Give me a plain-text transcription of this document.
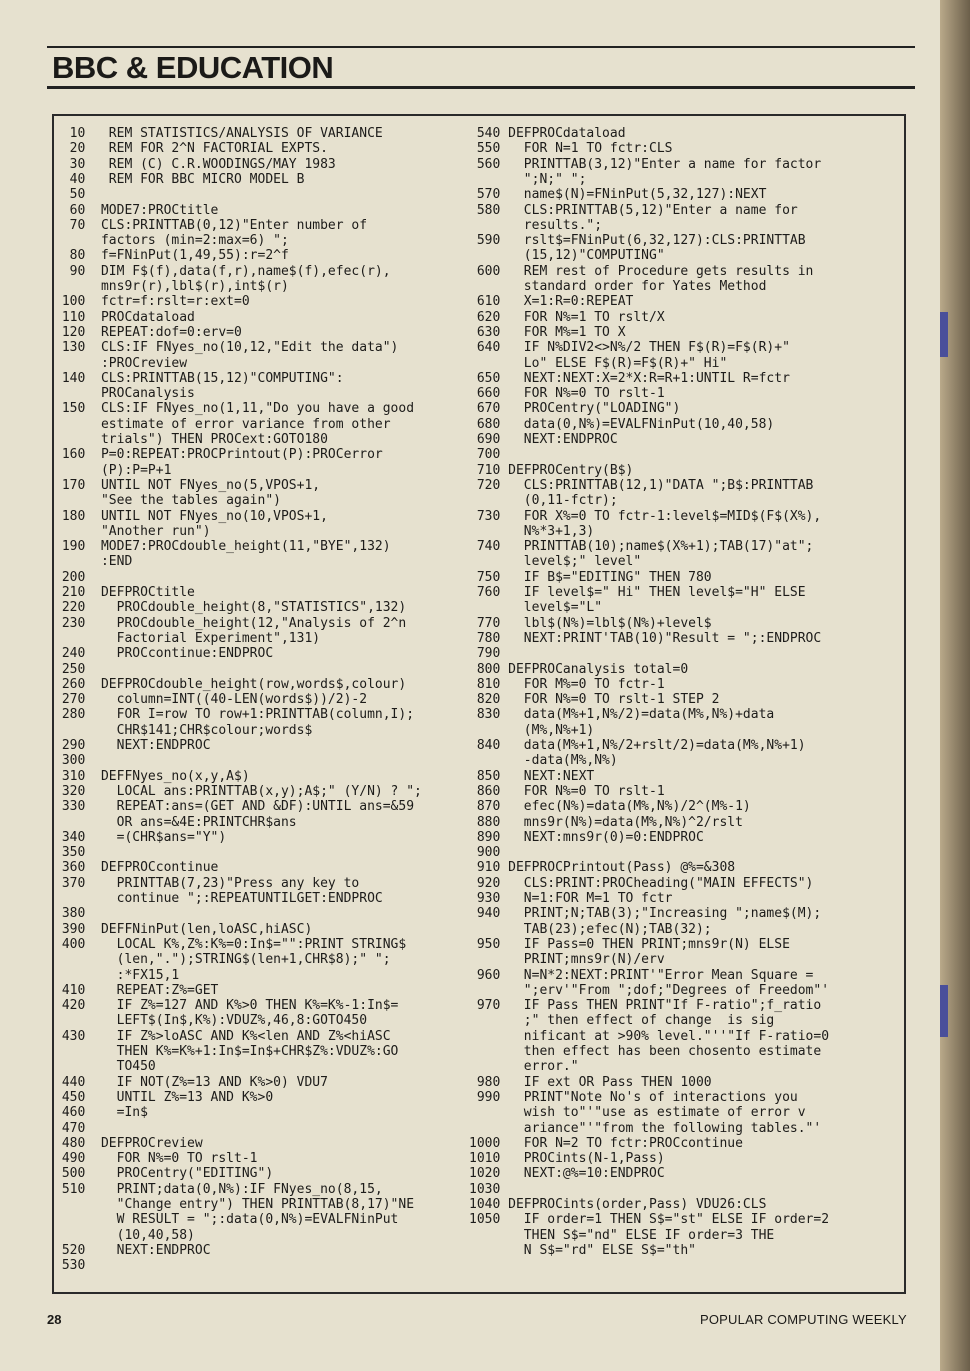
BBC & EDUCATION
10   REM STATISTICS/ANALYSIS OF VARIANCE
20   REM FOR 2^N FACTORIAL EXPTS.
30   REM (C) C.R.WOODINGS/MAY 1983
40   REM FOR BBC MICRO MODEL B
50
60  MODE7:PROCtitle
70  CLS:PRINTTAB(0,12)"Enter number of
factors (min=2:max=6) ";
80  f=FNinPut(1,49,55):r=2^f
90  DIM F$(f),data(f,r),name$(f),efec(r),
mns9r(r),lbl$(r),int$(r)
100  fctr=f:rslt=r:ext=0
110  PROCdataload
120  REPEAT:dof=0:erv=0
130  CLS:IF FNyes_no(10,12,"Edit the data")
:PROCreview
140  CLS:PRINTTAB(15,12)"COMPUTING":
PROCanalysis
150  CLS:IF FNyes_no(1,11,"Do you have a good
estimate of error variance from other
trials") THEN PROCext:GOTO180
160  P=0:REPEAT:PROCPrintout(P):PROCerror
(P):P=P+1
170  UNTIL NOT FNyes_no(5,VPOS+1,
"See the tables again")
180  UNTIL NOT FNyes_no(10,VPOS+1,
"Another run")
190  MODE7:PROCdouble_height(11,"BYE",132)
:END
200
210  DEFPROCtitle
220    PROCdouble_height(8,"STATISTICS",132)
230    PROCdouble_height(12,"Analysis of 2^n
Factorial Experiment",131)
240    PROCcontinue:ENDPROC
250
260  DEFPROCdouble_height(row,words$,colour)
270    column=INT((40-LEN(words$))/2)-2
280    FOR I=row TO row+1:PRINTTAB(column,I);
CHR$141;CHR$colour;words$
290    NEXT:ENDPROC
300
310  DEFFNyes_no(x,y,A$)
320    LOCAL ans:PRINTTAB(x,y);A$;" (Y/N) ? ";
330    REPEAT:ans=(GET AND &DF):UNTIL ans=&59
OR ans=&4E:PRINTCHR$ans
340    =(CHR$ans="Y")
350
360  DEFPROCcontinue
370    PRINTTAB(7,23)"Press any key to
continue ";:REPEATUNTILGET:ENDPROC
380
390  DEFFNinPut(len,loASC,hiASC)
400    LOCAL K%,Z%:K%=0:In$="":PRINT STRING$
(len,".");STRING$(len+1,CHR$8);" ";
:*FX15,1
410    REPEAT:Z%=GET
420    IF Z%=127 AND K%>0 THEN K%=K%-1:In$=
LEFT$(In$,K%):VDUZ%,46,8:GOTO450
430    IF Z%>loASC AND K%<len AND Z%<hiASC
THEN K%=K%+1:In$=In$+CHR$Z%:VDUZ%:GO
TO450
440    IF NOT(Z%=13 AND K%>0) VDU7
450    UNTIL Z%=13 AND K%>0
460    =In$
470
480  DEFPROCreview
490    FOR N%=0 TO rslt-1
500    PROCentry("EDITING")
510    PRINT;data(0,N%):IF FNyes_no(8,15,
"Change entry") THEN PRINTTAB(8,17)"NE
W RESULT = ";:data(0,N%)=EVALFNinPut
(10,40,58)
520    NEXT:ENDPROC
530
540 DEFPROCdataload
550   FOR N=1 TO fctr:CLS
560   PRINTTAB(3,12)"Enter a name for factor
";N;" ";
570   name$(N)=FNinPut(5,32,127):NEXT
580   CLS:PRINTTAB(5,12)"Enter a name for
results.";
590   rslt$=FNinPut(6,32,127):CLS:PRINTTAB
(15,12)"COMPUTING"
600   REM rest of Procedure gets results in
standard order for Yates Method
610   X=1:R=0:REPEAT
620   FOR N%=1 TO rslt/X
630   FOR M%=1 TO X
640   IF N%DIV2<>N%/2 THEN F$(R)=F$(R)+"
Lo" ELSE F$(R)=F$(R)+" Hi"
650   NEXT:NEXT:X=2*X:R=R+1:UNTIL R=fctr
660   FOR N%=0 TO rslt-1
670   PROCentry("LOADING")
680   data(0,N%)=EVALFNinPut(10,40,58)
690   NEXT:ENDPROC
700
710 DEFPROCentry(B$)
720   CLS:PRINTTAB(12,1)"DATA ";B$:PRINTTAB
(0,11-fctr);
730   FOR X%=0 TO fctr-1:level$=MID$(F$(X%),
N%*3+1,3)
740   PRINTTAB(10);name$(X%+1);TAB(17)"at";
level$;" level"
750   IF B$="EDITING" THEN 780
760   IF level$=" Hi" THEN level$="H" ELSE
level$="L"
770   lbl$(N%)=lbl$(N%)+level$
780   NEXT:PRINT'TAB(10)"Result = ";:ENDPROC
790
800 DEFPROCanalysis total=0
810   FOR M%=0 TO fctr-1
820   FOR N%=0 TO rslt-1 STEP 2
830   data(M%+1,N%/2)=data(M%,N%)+data
(M%,N%+1)
840   data(M%+1,N%/2+rslt/2)=data(M%,N%+1)
-data(M%,N%)
850   NEXT:NEXT
860   FOR N%=0 TO rslt-1
870   efec(N%)=data(M%,N%)/2^(M%-1)
880   mns9r(N%)=data(M%,N%)^2/rslt
890   NEXT:mns9r(0)=0:ENDPROC
900
910 DEFPROCPrintout(Pass) @%=&308
920   CLS:PRINT:PROCheading("MAIN EFFECTS")
930   N=1:FOR M=1 TO fctr
940   PRINT;N;TAB(3);"Increasing ";name$(M);
TAB(23);efec(N);TAB(32);
950   IF Pass=0 THEN PRINT;mns9r(N) ELSE
PRINT;mns9r(N)/erv
960   N=N*2:NEXT:PRINT'"Error Mean Square =
";erv'"From ";dof;"Degrees of Freedom"'
970   IF Pass THEN PRINT"If F-ratio";f_ratio
;" then effect of change  is sig
nificant at >90% level."''"If F-ratio=0
then effect has been chosento estimate
error."
980   IF ext OR Pass THEN 1000
990   PRINT"Note No's of interactions you
wish to"'"use as estimate of error v
ariance"'"from the following tables."'
1000   FOR N=2 TO fctr:PROCcontinue
1010   PROCints(N-1,Pass)
1020   NEXT:@%=10:ENDPROC
1030
1040 DEFPROCints(order,Pass) VDU26:CLS
1050   IF order=1 THEN S$="st" ELSE IF order=2
THEN S$="nd" ELSE IF order=3 THE
N S$="rd" ELSE S$="th"
28	POPULAR COMPUTING WEEKLY
